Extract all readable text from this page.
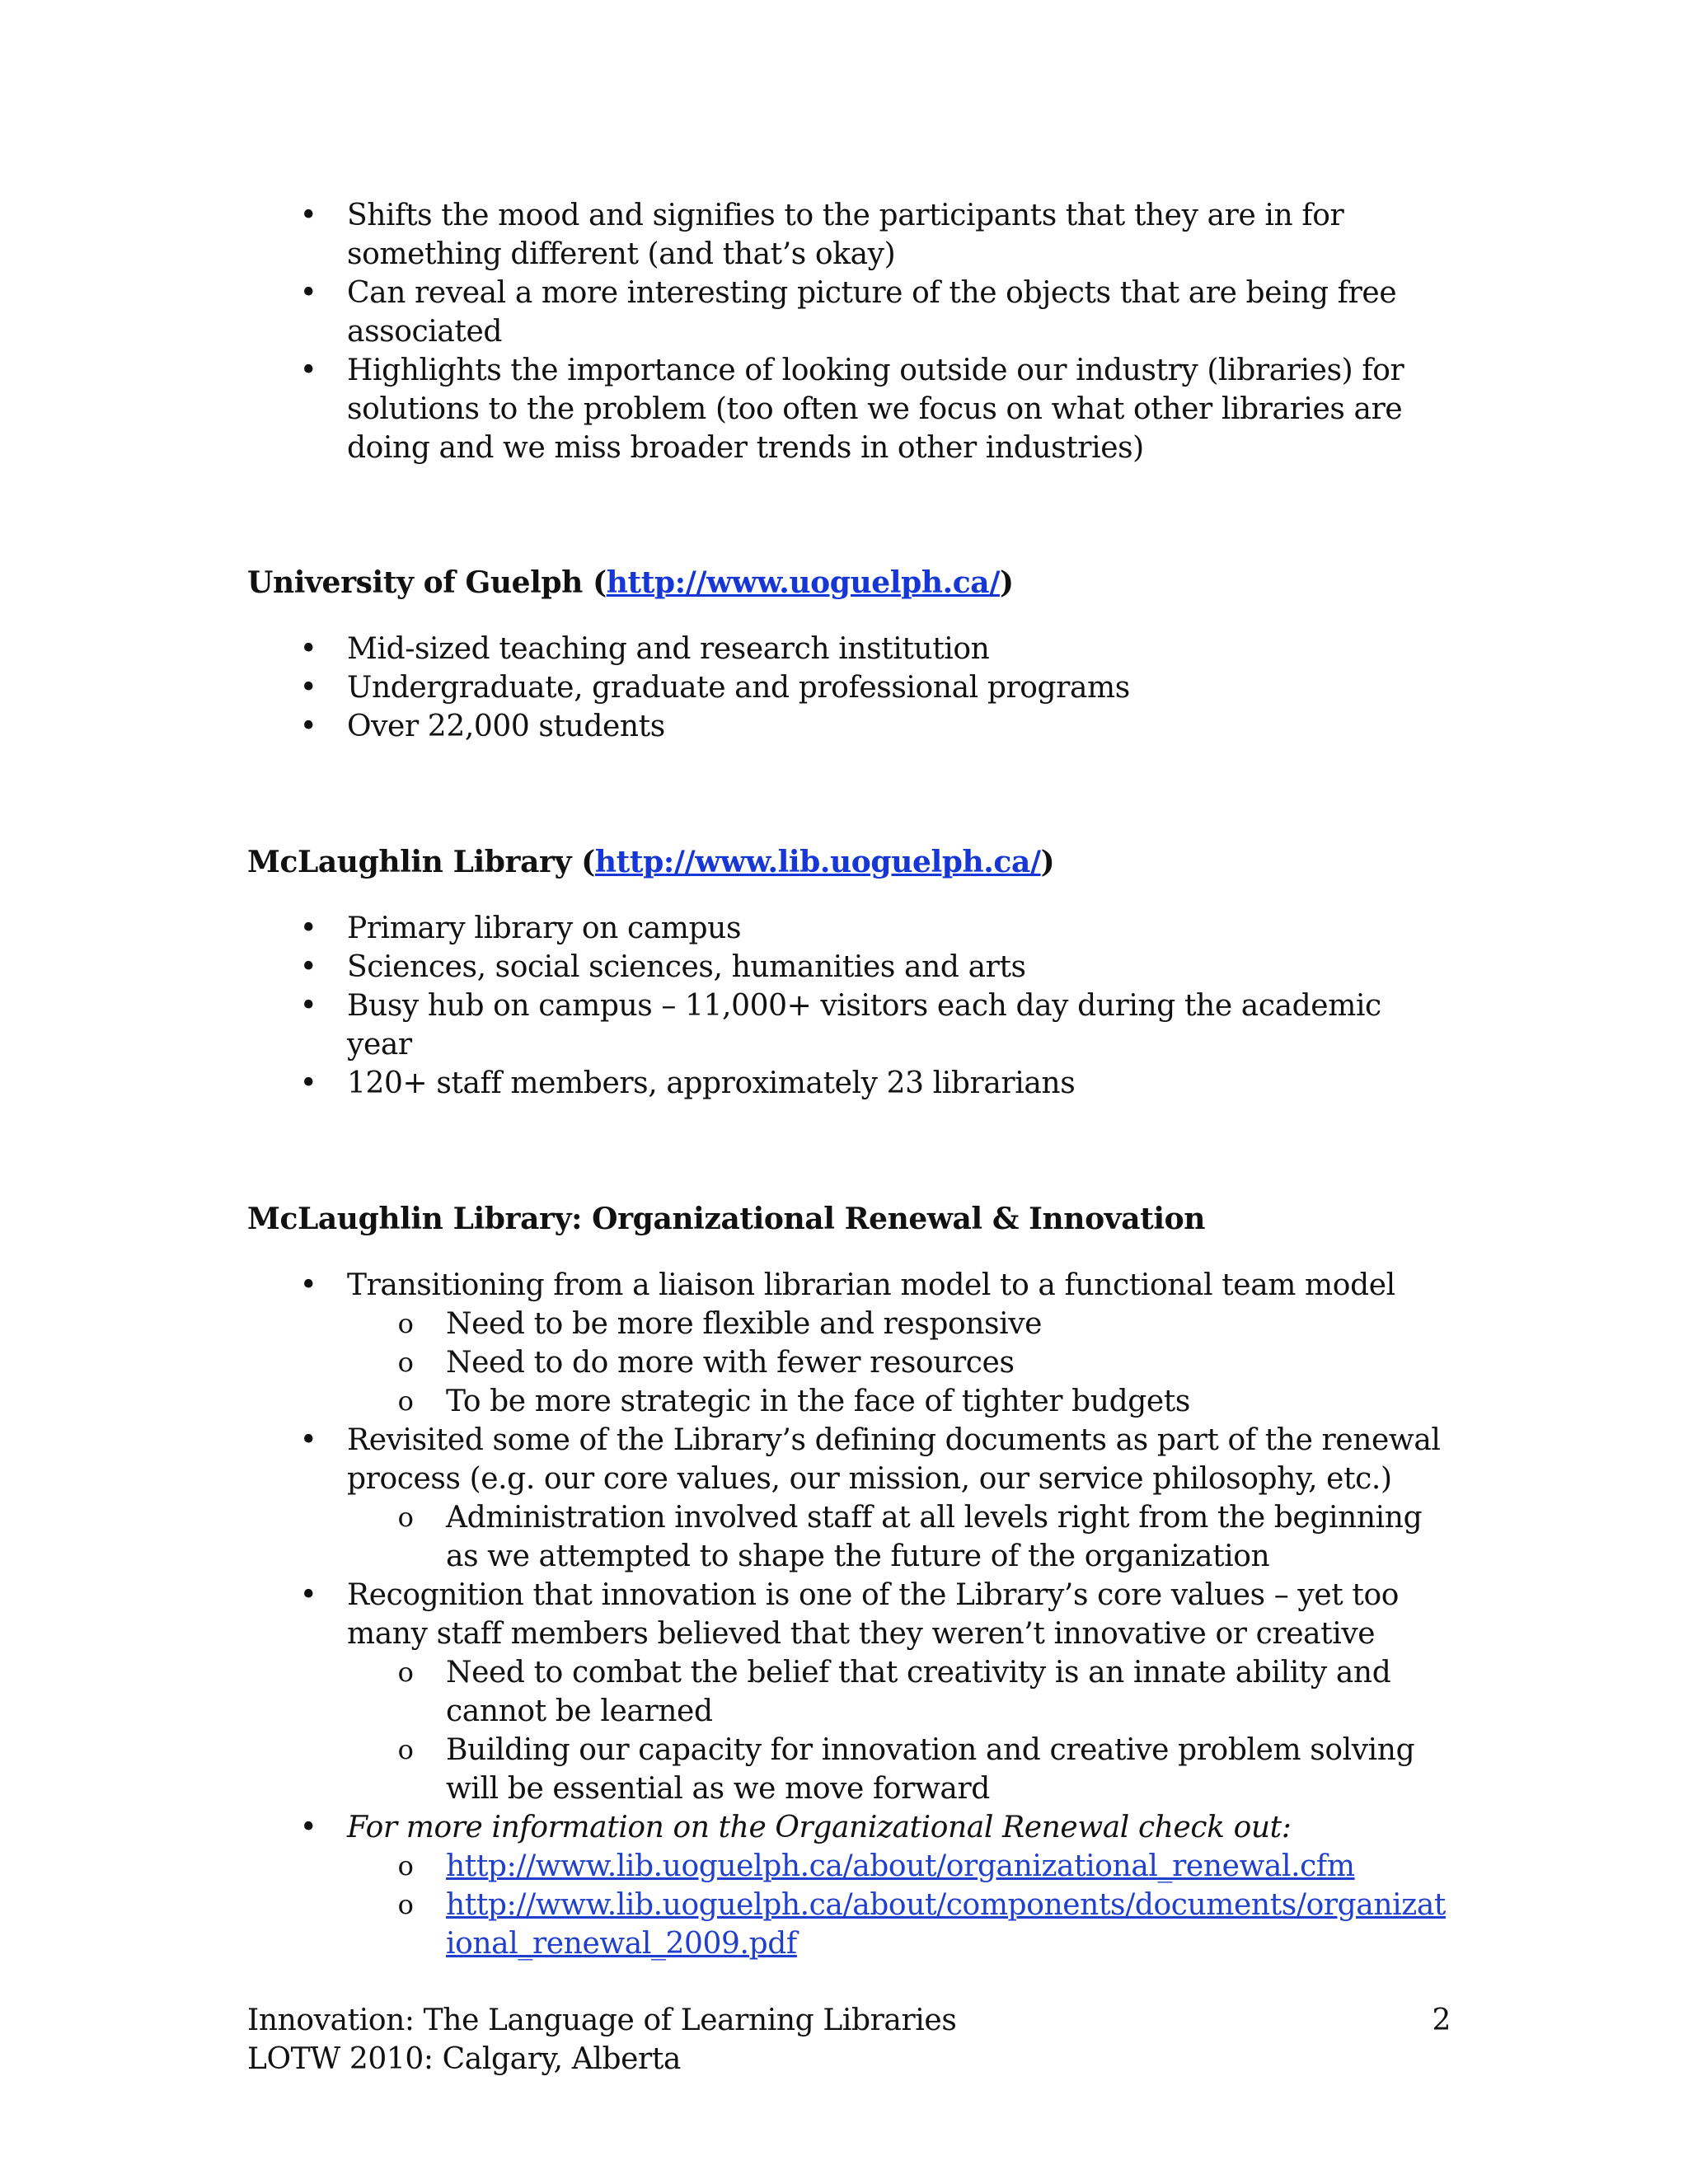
• Shifts the mood and signifies to the participants that they are in for something different (and that’s okay)
• Can reveal a more interesting picture of the objects that are being free associated
• Highlights the importance of looking outside our industry (libraries) for solutions to the problem (too often we focus on what other libraries are doing and we miss broader trends in other industries)
University of Guelph (http://www.uoguelph.ca/)
• Mid-sized teaching and research institution
• Undergraduate, graduate and professional programs
• Over 22,000 students
McLaughlin Library (http://www.lib.uoguelph.ca/)
• Primary library on campus
• Sciences, social sciences, humanities and arts
• Busy hub on campus – 11,000+ visitors each day during the academic year
• 120+ staff members, approximately 23 librarians
McLaughlin Library: Organizational Renewal & Innovation
• Transitioning from a liaison librarian model to a functional team model
o Need to be more flexible and responsive
o Need to do more with fewer resources
o To be more strategic in the face of tighter budgets
• Revisited some of the Library’s defining documents as part of the renewal process (e.g. our core values, our mission, our service philosophy, etc.)
o Administration involved staff at all levels right from the beginning as we attempted to shape the future of the organization
• Recognition that innovation is one of the Library’s core values – yet too many staff members believed that they weren’t innovative or creative
o Need to combat the belief that creativity is an innate ability and cannot be learned
o Building our capacity for innovation and creative problem solving will be essential as we move forward
• For more information on the Organizational Renewal check out:
o http://www.lib.uoguelph.ca/about/organizational_renewal.cfm
o http://www.lib.uoguelph.ca/about/components/documents/organizational_renewal_2009.pdf
Innovation: The Language of Learning Libraries
LOTW 2010: Calgary, Alberta
2
